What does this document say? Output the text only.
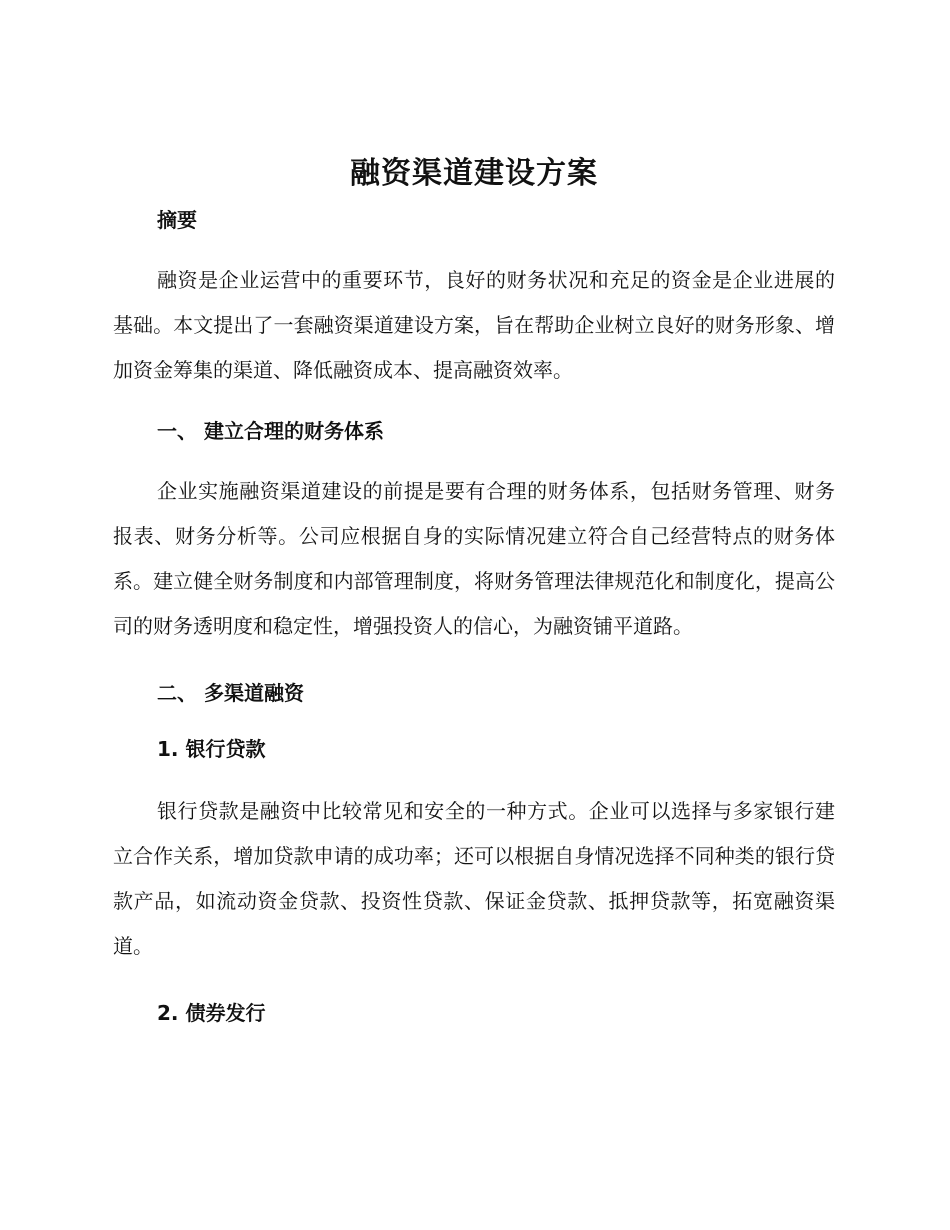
融资渠道建设方案
摘要

融资是企业运营中的重要环节，良好的财务状况和充足的资金是企业进展的基础。本文提出了一套融资渠道建设方案，旨在帮助企业树立良好的财务形象、增加资金筹集的渠道、降低融资成本、提高融资效率。

一、 建立合理的财务体系

企业实施融资渠道建设的前提是要有合理的财务体系，包括财务管理、财务报表、财务分析等。公司应根据自身的实际情况建立符合自己经营特点的财务体系。建立健全财务制度和内部管理制度，将财务管理法律规范化和制度化，提高公司的财务透明度和稳定性，增强投资人的信心，为融资铺平道路。

二、 多渠道融资
1. 银行贷款

银行贷款是融资中比较常见和安全的一种方式。企业可以选择与多家银行建立合作关系，增加贷款申请的成功率；还可以根据自身情况选择不同种类的银行贷款产品，如流动资金贷款、投资性贷款、保证金贷款、抵押贷款等，拓宽融资渠道。

2. 债券发行
